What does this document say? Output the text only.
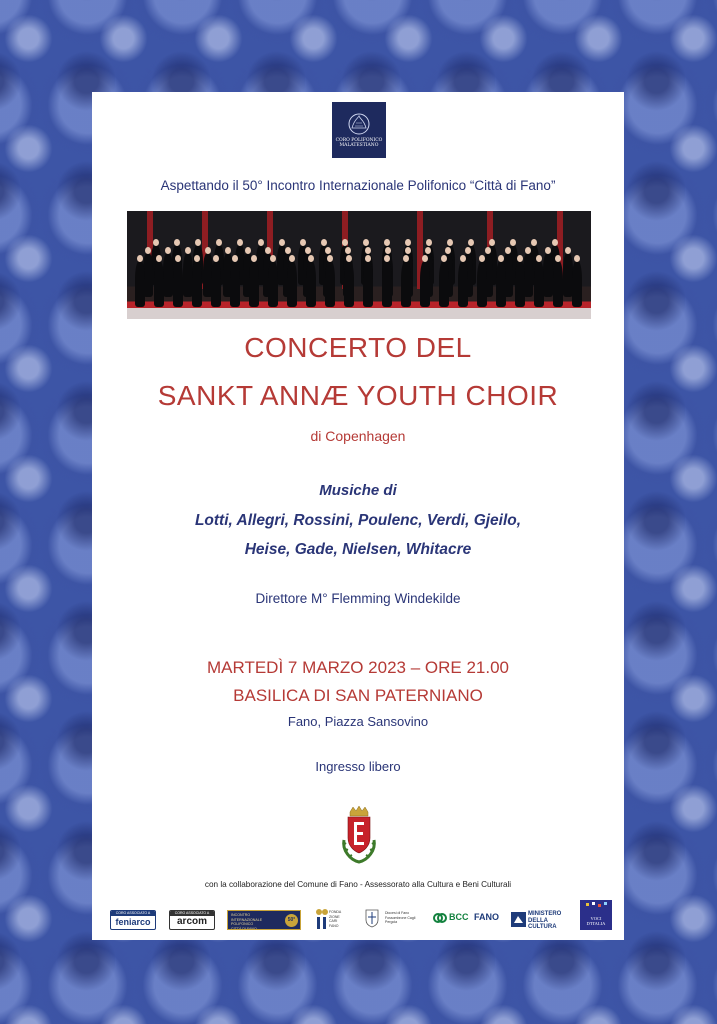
CORO POLIFONICO
MALATESTIANO
Aspettando il 50° Incontro Internazionale Polifonico “Città di Fano”
CONCERTO DEL
SANKT ANNÆ YOUTH CHOIR
di Copenhagen
Musiche di
Lotti, Allegri, Rossini, Poulenc, Verdi, Gjeilo,
Heise, Gade, Nielsen, Whitacre
Direttore M° Flemming Windekilde
MARTEDÌ 7 MARZO 2023 – ORE 21.00
BASILICA DI SAN PATERNIANO
Fano, Piazza Sansovino
Ingresso libero
con la collaborazione del Comune di Fano - Assessorato alla Cultura e Beni Culturali
CORO ASSOCIATO A
feniarco
CORO ASSOCIATO A
arcom
INCONTRO
INTERNAZIONALE
POLIFONICO
CITTÀ DI FANO
50°
FONDA
ZIONE
CARI
FANO
Diocesi di Fano
Fossombrone Cagli
Pergola	BCC FANO	MINISTERO
DELLA
CULTURA
VOCI
D'ITALIA
